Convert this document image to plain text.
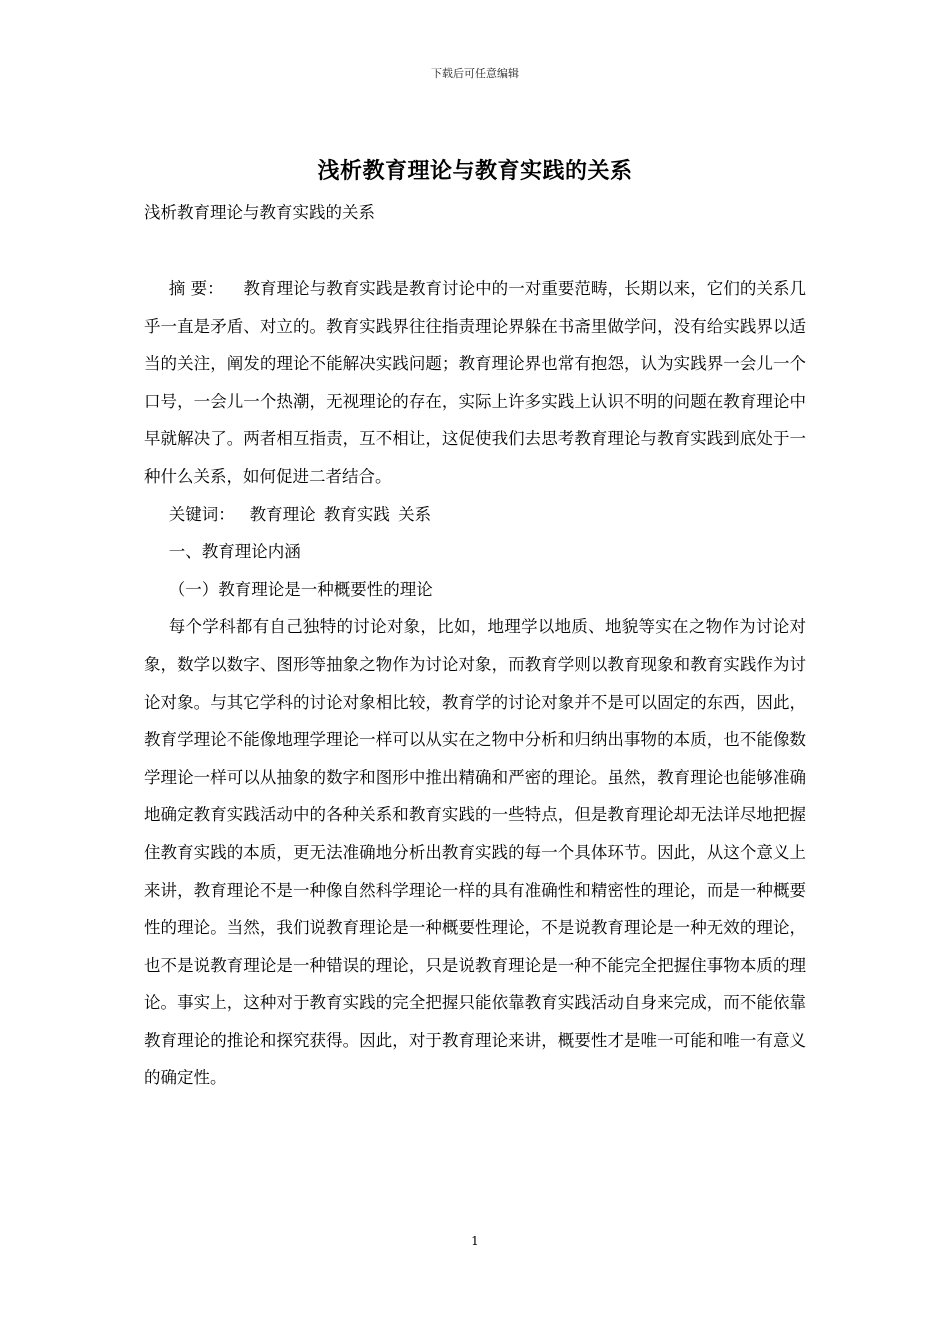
下载后可任意编辑
浅析教育理论与教育实践的关系
浅析教育理论与教育实践的关系

摘 要： 教育理论与教育实践是教育讨论中的一对重要范畴，长期以来，它们的关系几乎一直是矛盾、对立的。教育实践界往往指责理论界躲在书斋里做学问，没有给实践界以适当的关注，阐发的理论不能解决实践问题；教育理论界也常有抱怨，认为实践界一会儿一个口号，一会儿一个热潮，无视理论的存在，实际上许多实践上认识不明的问题在教育理论中早就解决了。两者相互指责，互不相让，这促使我们去思考教育理论与教育实践到底处于一种什么关系，如何促进二者结合。

关键词： 教育理论 教育实践 关系

一、教育理论内涵

（一）教育理论是一种概要性的理论

每个学科都有自己独特的讨论对象，比如，地理学以地质、地貌等实在之物作为讨论对象，数学以数字、图形等抽象之物作为讨论对象，而教育学则以教育现象和教育实践作为讨论对象。与其它学科的讨论对象相比较，教育学的讨论对象并不是可以固定的东西，因此，教育学理论不能像地理学理论一样可以从实在之物中分析和归纳出事物的本质，也不能像数学理论一样可以从抽象的数字和图形中推出精确和严密的理论。虽然，教育理论也能够准确地确定教育实践活动中的各种关系和教育实践的一些特点，但是教育理论却无法详尽地把握住教育实践的本质，更无法准确地分析出教育实践的每一个具体环节。因此，从这个意义上来讲，教育理论不是一种像自然科学理论一样的具有准确性和精密性的理论，而是一种概要性的理论。当然，我们说教育理论是一种概要性理论，不是说教育理论是一种无效的理论，也不是说教育理论是一种错误的理论，只是说教育理论是一种不能完全把握住事物本质的理论。事实上，这种对于教育实践的完全把握只能依靠教育实践活动自身来完成，而不能依靠教育理论的推论和探究获得。因此，对于教育理论来讲，概要性才是唯一可能和唯一有意义的确定性。

1
